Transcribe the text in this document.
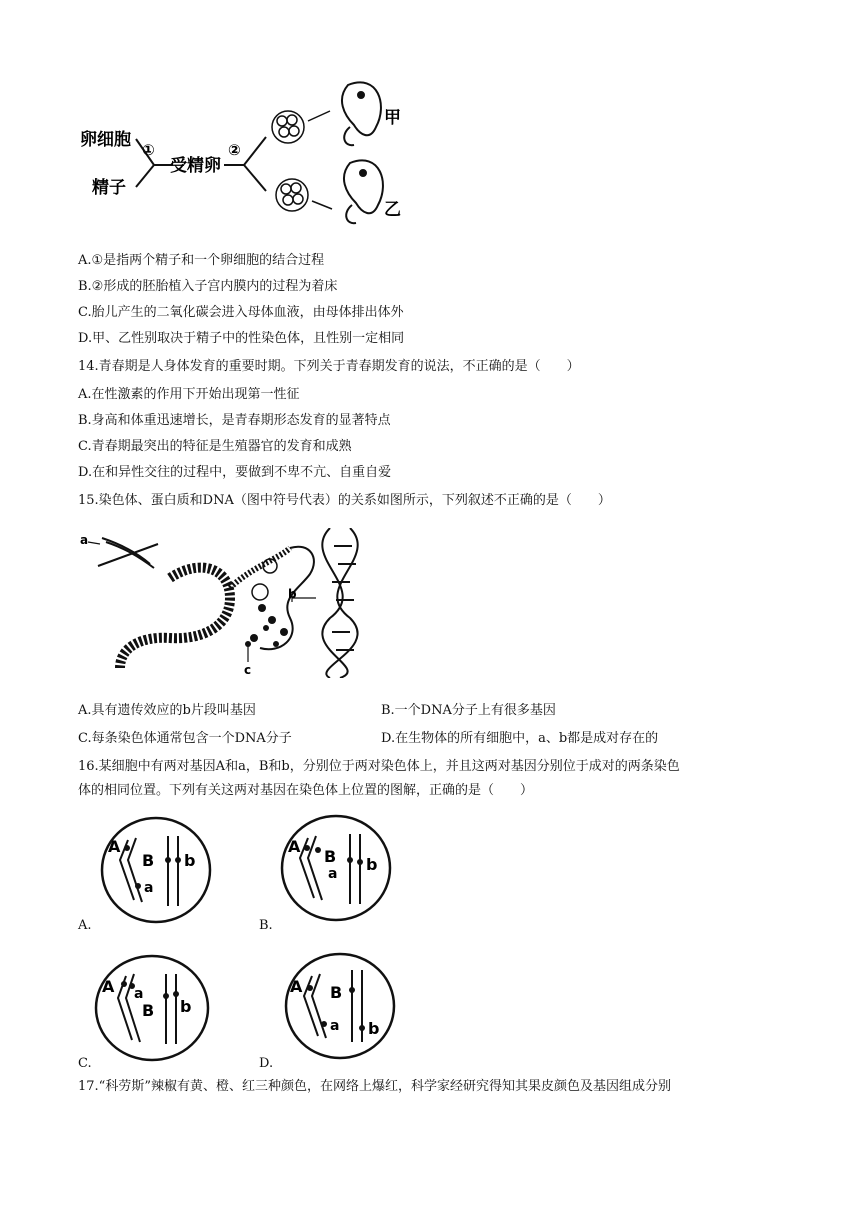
卵细胞
精子
①
受精卵
②
甲
乙
A.①是指两个精子和一个卵细胞的结合过程
B.②形成的胚胎植入子宫内膜内的过程为着床
C.胎儿产生的二氧化碳会进入母体血液，由母体排出体外
D.甲、乙性别取决于精子中的性染色体，且性别一定相同
14.青春期是人身体发育的重要时期。下列关于青春期发育的说法，不正确的是（　　）
A.在性激素的作用下开始出现第一性征
B.身高和体重迅速增长，是青春期形态发育的显著特点
C.青春期最突出的特征是生殖器官的发育和成熟
D.在和异性交往的过程中，要做到不卑不亢、自重自爱
15.染色体、蛋白质和DNA（图中符号代表）的关系如图所示，下列叙述不正确的是（　　）
a
b
c
A.具有遗传效应的b片段叫基因	B.一个DNA分子上有很多基因
C.每条染色体通常包含一个DNA分子	D.在生物体的所有细胞中，a、b都是成对存在的
16.某细胞中有两对基因A和a，B和b，分别位于两对染色体上，并且这两对基因分别位于成对的两条染色
体的相同位置。下列有关这两对基因在染色体上位置的图解，正确的是（　　）
A
B b
a
A.
A
B
a b
B.
A a
B b
C.
A B
a b
D.
17.“科劳斯”辣椒有黄、橙、红三种颜色，在网络上爆红，科学家经研究得知其果皮颜色及基因组成分别
